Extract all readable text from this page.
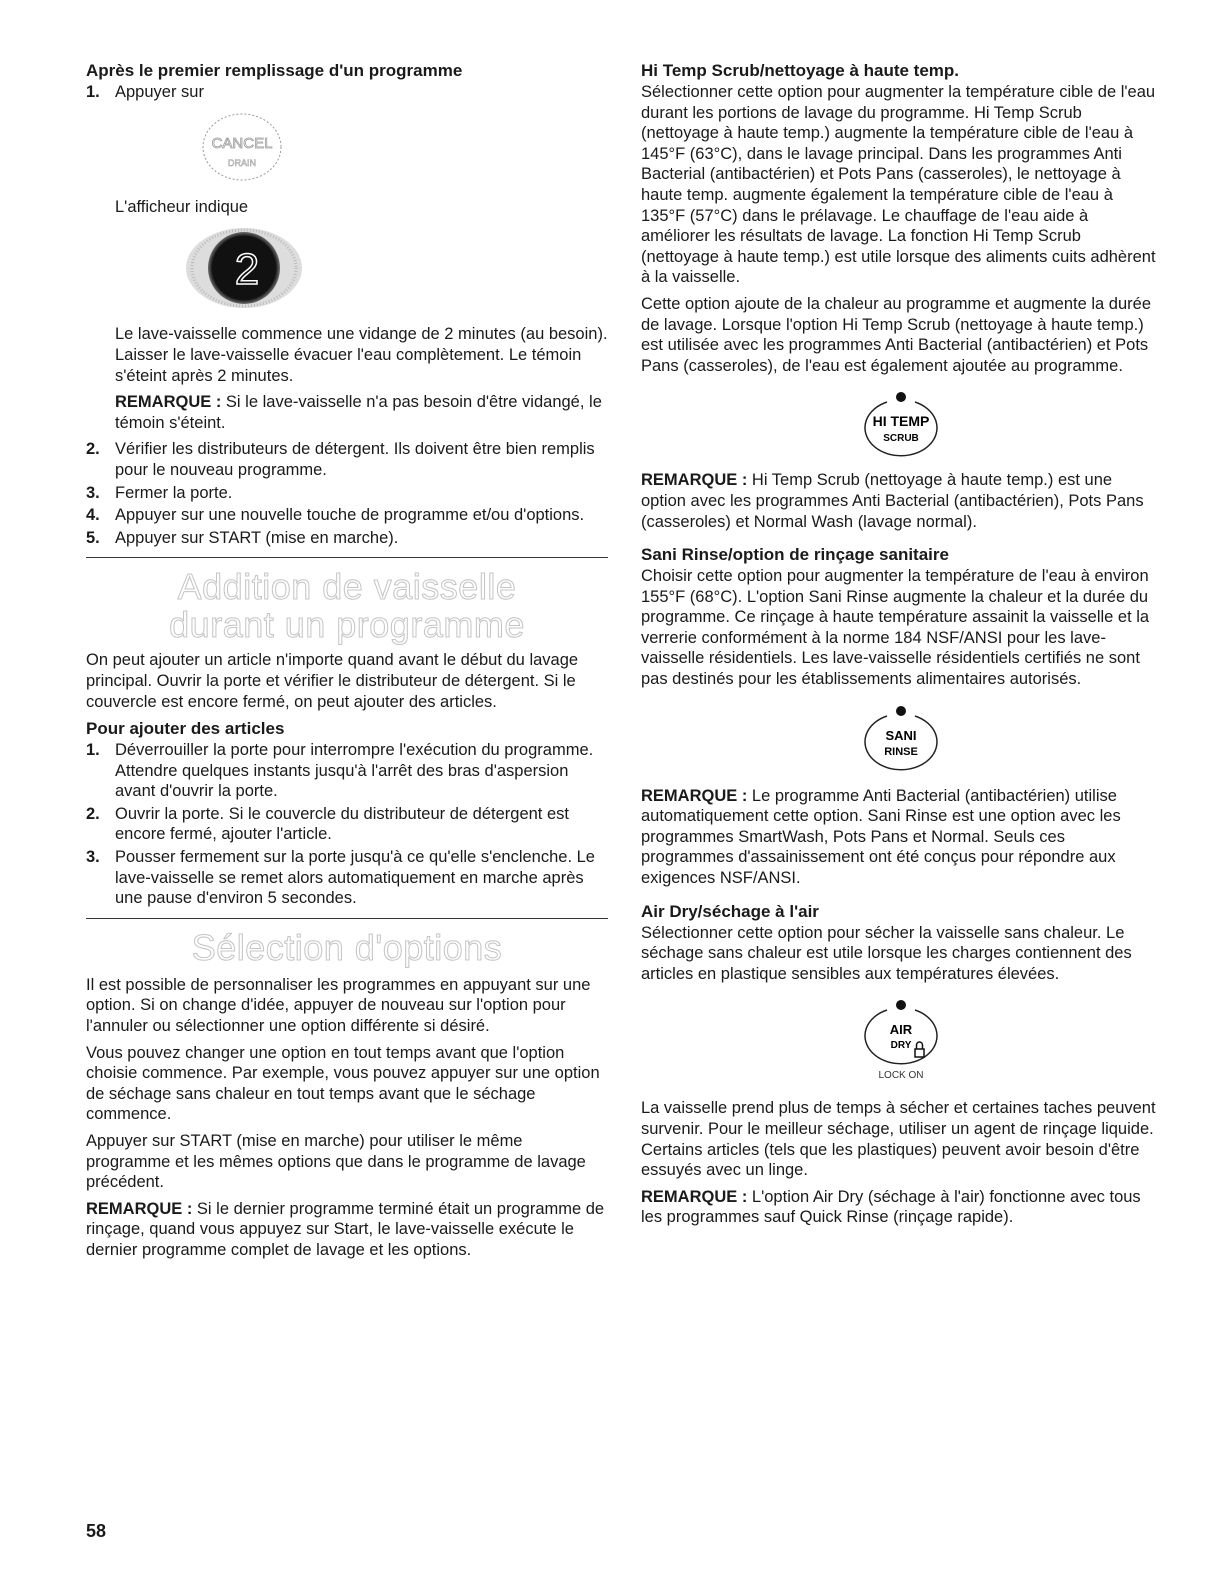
Après le premier remplissage d'un programme
1. Appuyer sur
CANCEL
DRAIN
L'afficheur indique
2

Le lave-vaisselle commence une vidange de 2 minutes (au besoin). Laisser le lave-vaisselle évacuer l'eau complètement. Le témoin s'éteint après 2 minutes.

REMARQUE : Si le lave-vaisselle n'a pas besoin d'être vidangé, le témoin s'éteint.

2. Vérifier les distributeurs de détergent. Ils doivent être bien remplis pour le nouveau programme.
3. Fermer la porte.
4. Appuyer sur une nouvelle touche de programme et/ou d'options.
5. Appuyer sur START (mise en marche).
Addition de vaisselle
durant un programme

On peut ajouter un article n'importe quand avant le début du lavage principal. Ouvrir la porte et vérifier le distributeur de détergent. Si le couvercle est encore fermé, on peut ajouter des articles.

Pour ajouter des articles
1. Déverrouiller la porte pour interrompre l'exécution du programme. Attendre quelques instants jusqu'à l'arrêt des bras d'aspersion avant d'ouvrir la porte.
2. Ouvrir la porte. Si le couvercle du distributeur de détergent est encore fermé, ajouter l'article.
3. Pousser fermement sur la porte jusqu'à ce qu'elle s'enclenche. Le lave-vaisselle se remet alors automatiquement en marche après une pause d'environ 5 secondes.
Sélection d'options

Il est possible de personnaliser les programmes en appuyant sur une option. Si on change d'idée, appuyer de nouveau sur l'option pour l'annuler ou sélectionner une option différente si désiré.

Vous pouvez changer une option en tout temps avant que l'option choisie commence. Par exemple, vous pouvez appuyer sur une option de séchage sans chaleur en tout temps avant que le séchage commence.

Appuyer sur START (mise en marche) pour utiliser le même programme et les mêmes options que dans le programme de lavage précédent.

REMARQUE : Si le dernier programme terminé était un programme de rinçage, quand vous appuyez sur Start, le lave-vaisselle exécute le dernier programme complet de lavage et les options.

Hi Temp Scrub/nettoyage à haute temp.

Sélectionner cette option pour augmenter la température cible de l'eau durant les portions de lavage du programme. Hi Temp Scrub (nettoyage à haute temp.) augmente la température cible de l'eau à 145°F (63°C), dans le lavage principal. Dans les programmes Anti Bacterial (antibactérien) et Pots Pans (casseroles), le nettoyage à haute temp. augmente également la température cible de l'eau à 135°F (57°C) dans le prélavage. Le chauffage de l'eau aide à améliorer les résultats de lavage. La fonction Hi Temp Scrub (nettoyage à haute temp.) est utile lorsque des aliments cuits adhèrent à la vaisselle.

Cette option ajoute de la chaleur au programme et augmente la durée de lavage. Lorsque l'option Hi Temp Scrub (nettoyage à haute temp.) est utilisée avec les programmes Anti Bacterial (antibactérien) et Pots Pans (casseroles), de l'eau est également ajoutée au programme.

HI TEMP
SCRUB

REMARQUE : Hi Temp Scrub (nettoyage à haute temp.) est une option avec les programmes Anti Bacterial (antibactérien), Pots Pans (casseroles) et Normal Wash (lavage normal).

Sani Rinse/option de rinçage sanitaire

Choisir cette option pour augmenter la température de l'eau à environ 155°F (68°C). L'option Sani Rinse augmente la chaleur et la durée du programme. Ce rinçage à haute température assainit la vaisselle et la verrerie conformément à la norme 184 NSF/ANSI pour les lave-vaisselle résidentiels. Les lave-vaisselle résidentiels certifiés ne sont pas destinés pour les établissements alimentaires autorisés.

SANI
RINSE

REMARQUE : Le programme Anti Bacterial (antibactérien) utilise automatiquement cette option. Sani Rinse est une option avec les programmes SmartWash, Pots Pans et Normal. Seuls ces programmes d'assainissement ont été conçus pour répondre aux exigences NSF/ANSI.

Air Dry/séchage à l'air

Sélectionner cette option pour sécher la vaisselle sans chaleur. Le séchage sans chaleur est utile lorsque les charges contiennent des articles en plastique sensibles aux températures élevées.

AIR
DRY
LOCK ON

La vaisselle prend plus de temps à sécher et certaines taches peuvent survenir. Pour le meilleur séchage, utiliser un agent de rinçage liquide. Certains articles (tels que les plastiques) peuvent avoir besoin d'être essuyés avec un linge.

REMARQUE : L'option Air Dry (séchage à l'air) fonctionne avec tous les programmes sauf Quick Rinse (rinçage rapide).

58
